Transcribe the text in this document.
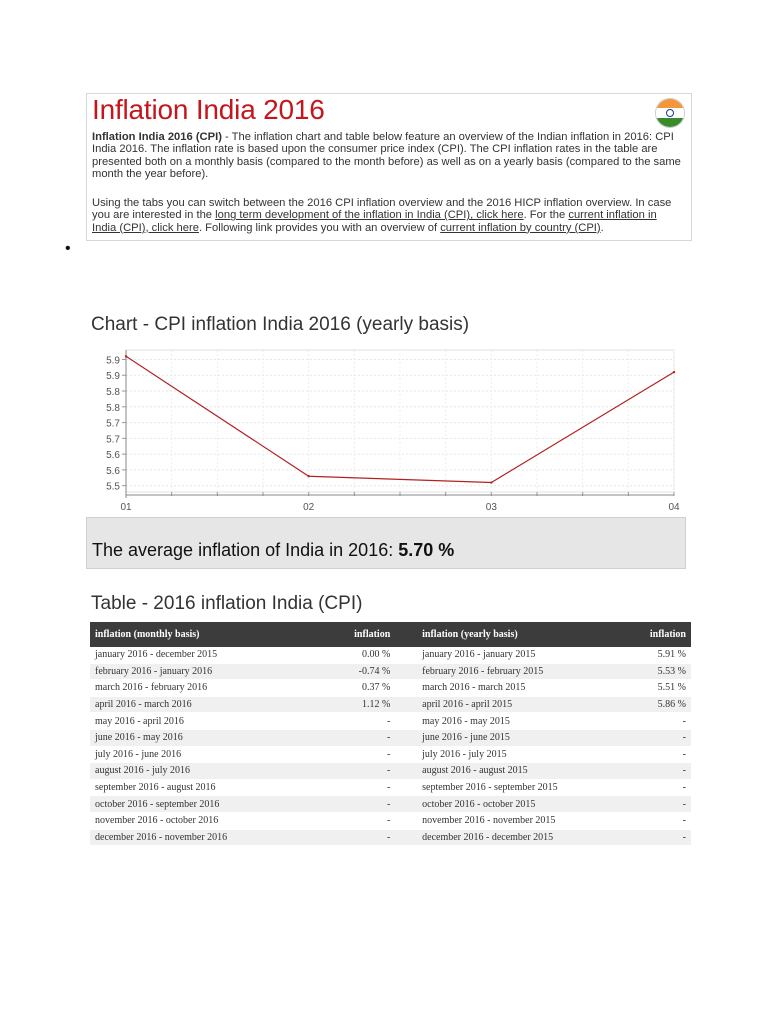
Inflation India 2016

Inflation India 2016 (CPI) - The inflation chart and table below feature an overview of the Indian inflation in 2016: CPI India 2016. The inflation rate is based upon the consumer price index (CPI). The CPI inflation rates in the table are presented both on a monthly basis (compared to the month before) as well as on a yearly basis (compared to the same month the year before).

Using the tabs you can switch between the 2016 CPI inflation overview and the 2016 HICP inflation overview. In case you are interested in the long term development of the inflation in India (CPI), click here. For the current inflation in India (CPI), click here. Following link provides you with an overview of current inflation by country (CPI).

•
Chart - CPI inflation India 2016 (yearly basis)
5.5
5.6
5.6
5.7
5.7
5.8
5.8
5.9
5.9
01	02	03	04
The average inflation of India in 2016: 5.70 %
Table - 2016 inflation India (CPI)
inflation (monthly basis)	inflation		inflation (yearly basis)	inflation
january 2016 - december 2015	0.00 %		january 2016 - january 2015	5.91 %
february 2016 - january 2016	-0.74 %		february 2016 - february 2015	5.53 %
march 2016 - february 2016	0.37 %		march 2016 - march 2015	5.51 %
april 2016 - march 2016	1.12 %		april 2016 - april 2015	5.86 %
may 2016 - april 2016	-		may 2016 - may 2015	-
june 2016 - may 2016	-		june 2016 - june 2015	-
july 2016 - june 2016	-		july 2016 - july 2015	-
august 2016 - july 2016	-		august 2016 - august 2015	-
september 2016 - august 2016	-		september 2016 - september 2015	-
october 2016 - september 2016	-		october 2016 - october 2015	-
november 2016 - october 2016	-		november 2016 - november 2015	-
december 2016 - november 2016	-		december 2016 - december 2015	-
